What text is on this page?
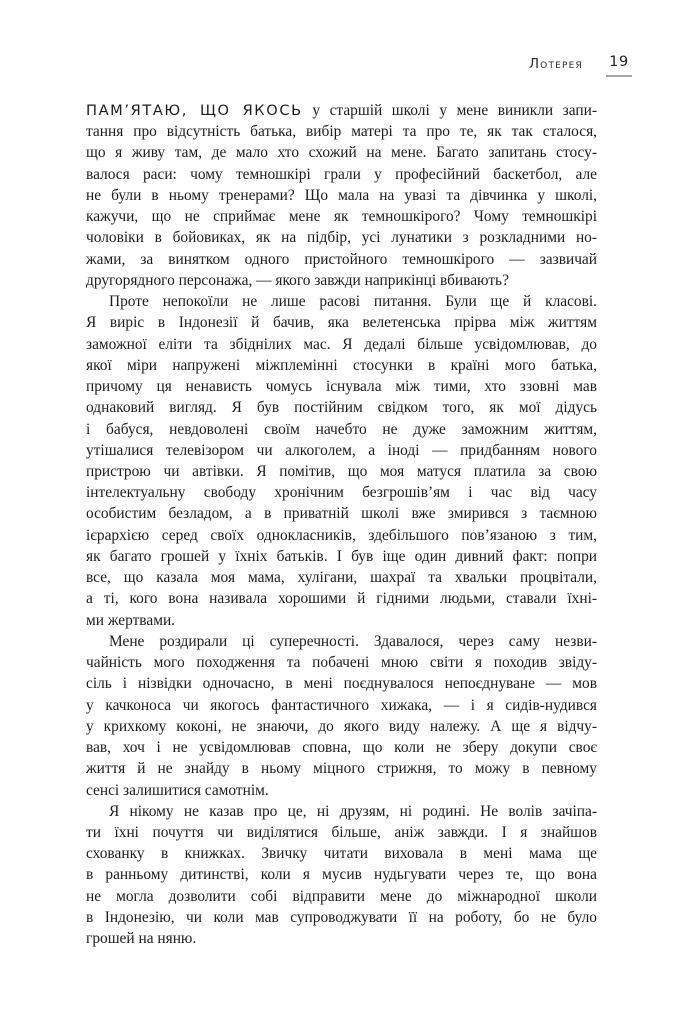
Лотерея 19
ПАМ’ЯТАЮ, ЩО ЯКОСЬ у старшій школі у мене виникли запи-
тання про відсутність батька, вибір матері та про те, як так сталося,
що я живу там, де мало хто схожий на мене. Багато запитань стосу-
валося раси: чому темношкірі грали у професійний баскетбол, але
не були в ньому тренерами? Що мала на увазі та дівчинка у школі,
кажучи, що не сприймає мене як темношкірого? Чому темношкірі
чоловіки в бойовиках, як на підбір, усі лунатики з розкладними но-
жами, за винятком одного пристойного темношкірого — зазвичай
другорядного персонажа, — якого завжди наприкінці вбивають?
Проте непокоїли не лише расові питання. Були ще й класові.
Я виріс в Індонезії й бачив, яка велетенська прірва між життям
заможної еліти та збіднілих мас. Я дедалі більше усвідомлював, до
якої міри напружені міжплемінні стосунки в країні мого батька,
причому ця ненависть чомусь існувала між тими, хто ззовні мав
однаковий вигляд. Я був постійним свідком того, як мої дідусь
і бабуся, невдоволені своїм начебто не дуже заможним життям,
утішалися телевізором чи алкоголем, а іноді — придбанням нового
пристрою чи автівки. Я помітив, що моя матуся платила за свою
інтелектуальну свободу хронічним безгрошів’ям і час від часу
особистим безладом, а в приватній школі вже змирився з таємною
ієрархією серед своїх однокласників, здебільшого пов’язаною з тим,
як багато грошей у їхніх батьків. І був іще один дивний факт: попри
все, що казала моя мама, хулігани, шахраї та хвальки процвітали,
а ті, кого вона називала хорошими й гідними людьми, ставали їхні-
ми жертвами.
Мене роздирали ці суперечності. Здавалося, через саму незви-
чайність мого походження та побачені мною світи я походив звіду-
сіль і нізвідки одночасно, в мені поєднувалося непоєднуване — мов
у качконоса чи якогось фантастичного хижака, — і я сидів-нудився
у крихкому коконі, не знаючи, до якого виду належу. А ще я відчу-
вав, хоч і не усвідомлював сповна, що коли не зберу докупи своє
життя й не знайду в ньому міцного стрижня, то можу в певному
сенсі залишитися самотнім.
Я нікому не казав про це, ні друзям, ні родині. Не волів зачіпа-
ти їхні почуття чи виділятися більше, аніж завжди. І я знайшов
схованку в книжках. Звичку читати виховала в мені мама ще
в ранньому дитинстві, коли я мусив нудьгувати через те, що вона
не могла дозволити собі відправити мене до міжнародної школи
в Індонезію, чи коли мав супроводжувати її на роботу, бо не було
грошей на няню.
